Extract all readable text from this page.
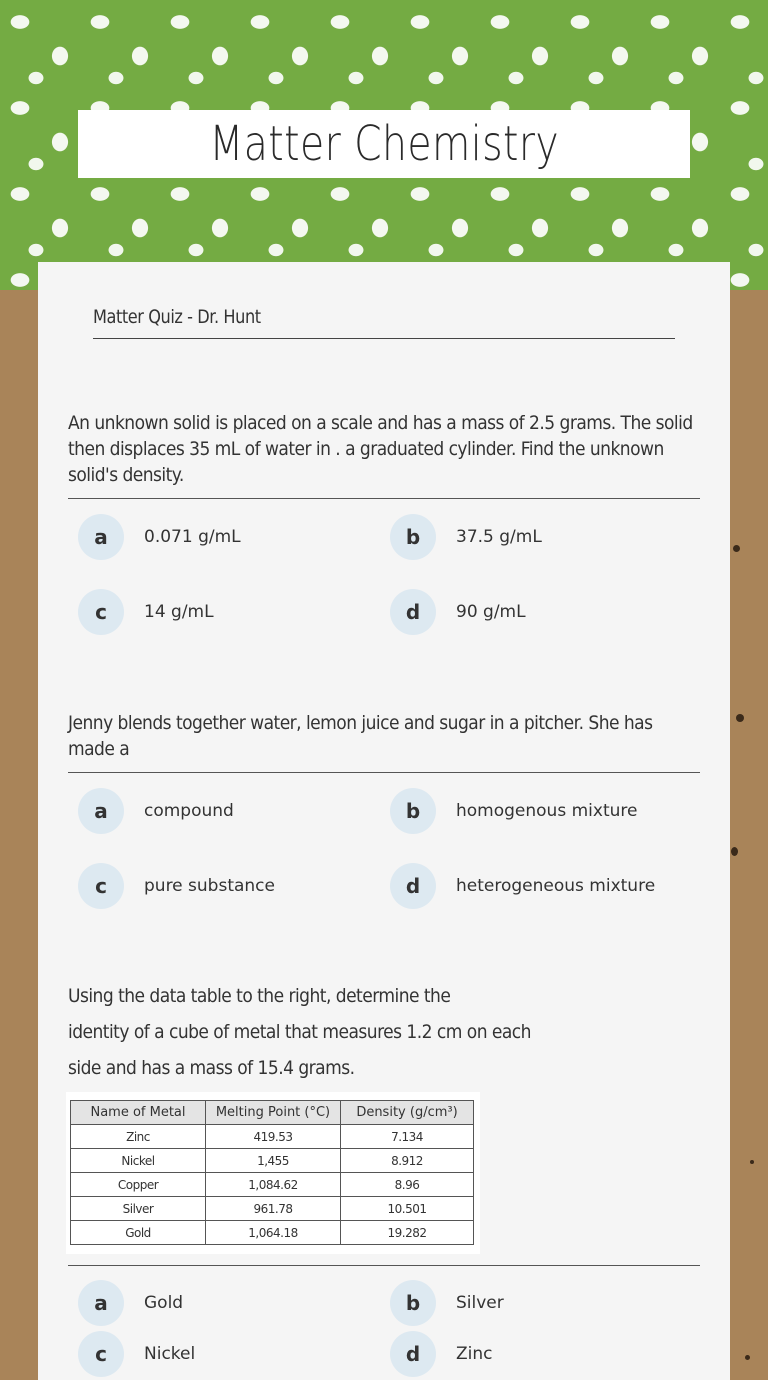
Matter Chemistry
Matter Quiz - Dr. Hunt
An unknown solid is placed on a scale and has a mass of 2.5 grams. The solid then displaces 35 mL of water in . a graduated cylinder. Find the unknown solid's density.
a	0.071 g/mL	b	37.5 g/mL
c	14 g/mL	d	90 g/mL
Jenny blends together water, lemon juice and sugar in a pitcher. She has made a
a	compound	b	homogenous mixture
c	pure substance	d	heterogeneous mixture
Using the data table to the right, determine the
identity of a cube of metal that measures 1.2 cm on each
side and has a mass of 15.4 grams.
Name of Metal	Melting Point (°C)	Density (g/cm³)
Zinc	419.53	7.134
Nickel	1,455	8.912
Copper	1,084.62	8.96
Silver	961.78	10.501
Gold	1,064.18	19.282
a	Gold	b	Silver
c	Nickel	d	Zinc
